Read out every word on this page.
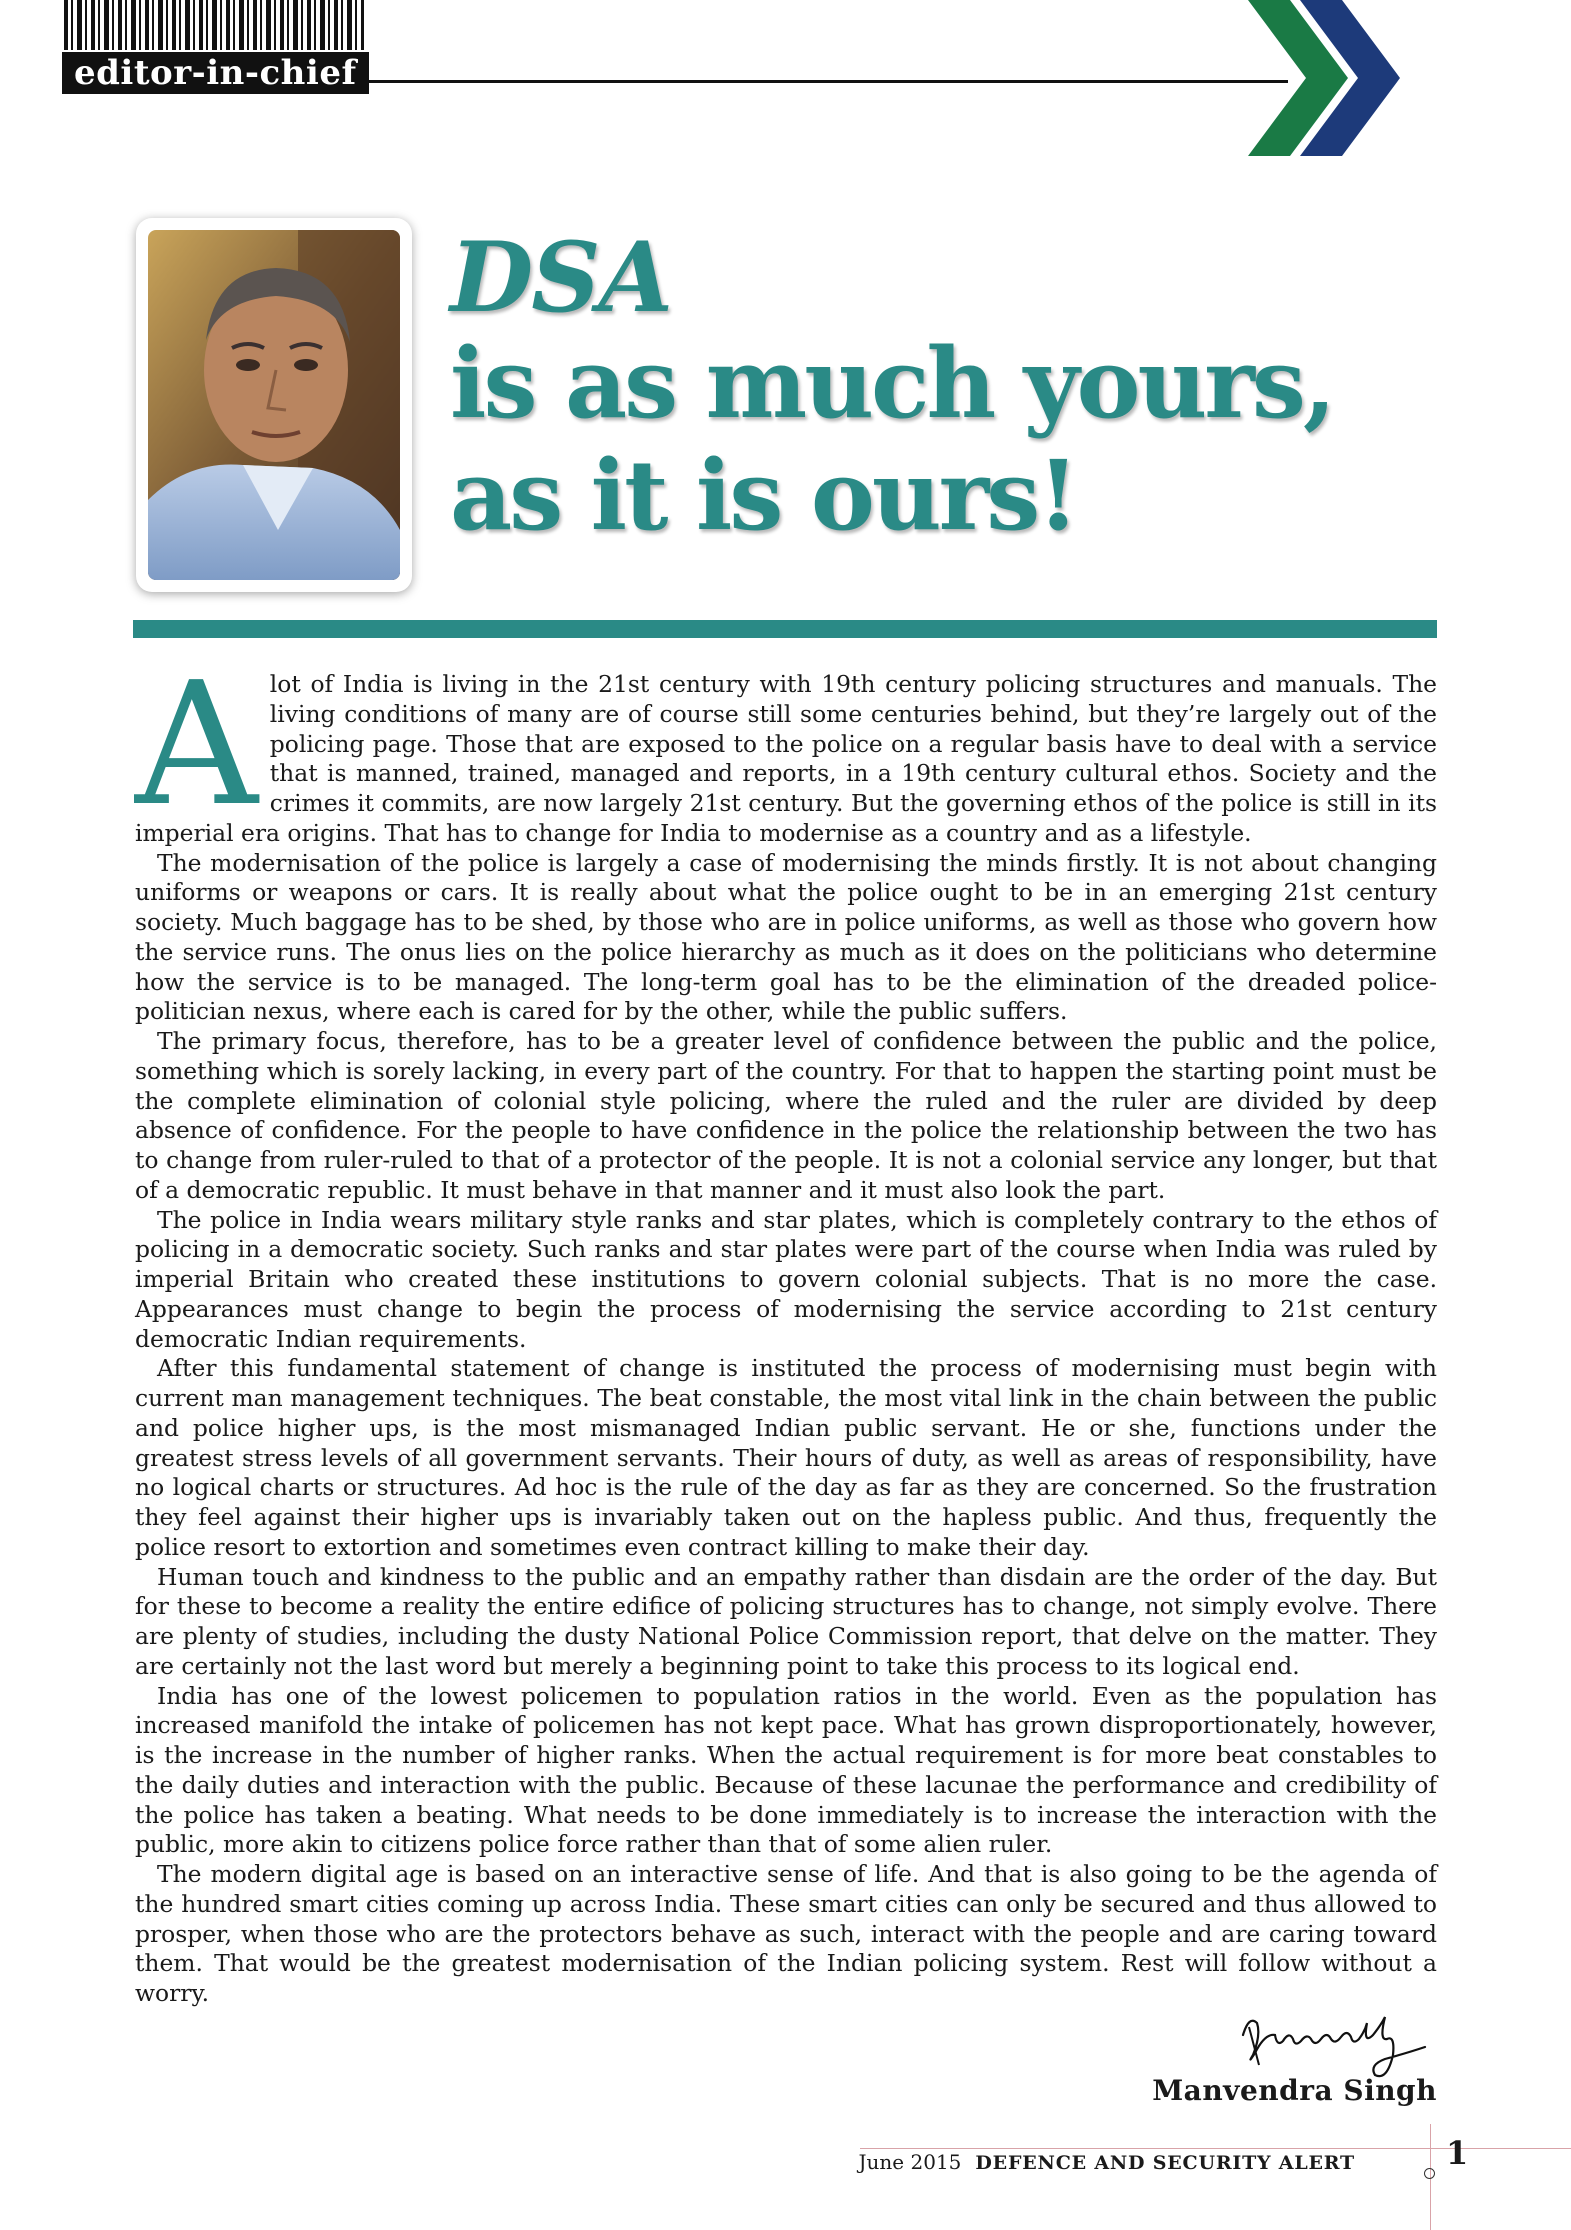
editor-in-chief
DSA
is as much yours,
as it is ours!

A lot of India is living in the 21st century with 19th century policing structures and manuals. The living conditions of many are of course still some centuries behind, but they’re largely out of the policing page. Those that are exposed to the police on a regular basis have to deal with a service that is manned, trained, managed and reports, in a 19th century cultural ethos. Society and the crimes it commits, are now largely 21st century. But the governing ethos of the police is still in its imperial era origins. That has to change for India to modernise as a country and as a lifestyle.

The modernisation of the police is largely a case of modernising the minds firstly. It is not about changing uniforms or weapons or cars. It is really about what the police ought to be in an emerging 21st century society. Much baggage has to be shed, by those who are in police uniforms, as well as those who govern how the service runs. The onus lies on the police hierarchy as much as it does on the politicians who determine how the service is to be managed. The long-term goal has to be the elimination of the dreaded police-politician nexus, where each is cared for by the other, while the public suffers.

The primary focus, therefore, has to be a greater level of confidence between the public and the police, something which is sorely lacking, in every part of the country. For that to happen the starting point must be the complete elimination of colonial style policing, where the ruled and the ruler are divided by deep absence of confidence. For the people to have confidence in the police the relationship between the two has to change from ruler-ruled to that of a protector of the people. It is not a colonial service any longer, but that of a democratic republic. It must behave in that manner and it must also look the part.

The police in India wears military style ranks and star plates, which is completely contrary to the ethos of policing in a democratic society. Such ranks and star plates were part of the course when India was ruled by imperial Britain who created these institutions to govern colonial subjects. That is no more the case. Appearances must change to begin the process of modernising the service according to 21st century democratic Indian requirements.

After this fundamental statement of change is instituted the process of modernising must begin with current man management techniques. The beat constable, the most vital link in the chain between the public and police higher ups, is the most mismanaged Indian public servant. He or she, functions under the greatest stress levels of all government servants. Their hours of duty, as well as areas of responsibility, have no logical charts or structures. Ad hoc is the rule of the day as far as they are concerned. So the frustration they feel against their higher ups is invariably taken out on the hapless public. And thus, frequently the police resort to extortion and sometimes even contract killing to make their day.

Human touch and kindness to the public and an empathy rather than disdain are the order of the day. But for these to become a reality the entire edifice of policing structures has to change, not simply evolve. There are plenty of studies, including the dusty National Police Commission report, that delve on the matter. They are certainly not the last word but merely a beginning point to take this process to its logical end.

India has one of the lowest policemen to population ratios in the world. Even as the population has increased manifold the intake of policemen has not kept pace. What has grown disproportionately, however, is the increase in the number of higher ranks. When the actual requirement is for more beat constables to the daily duties and interaction with the public. Because of these lacunae the performance and credibility of the police has taken a beating. What needs to be done immediately is to increase the interaction with the public, more akin to citizens police force rather than that of some alien ruler.

The modern digital age is based on an interactive sense of life. And that is also going to be the agenda of the hundred smart cities coming up across India. These smart cities can only be secured and thus allowed to prosper, when those who are the protectors behave as such, interact with the people and are caring toward them. That would be the greatest modernisation of the Indian policing system. Rest will follow without a worry.

Manvendra Singh
June 2015 DEFENCE AND SECURITY ALERT	1
